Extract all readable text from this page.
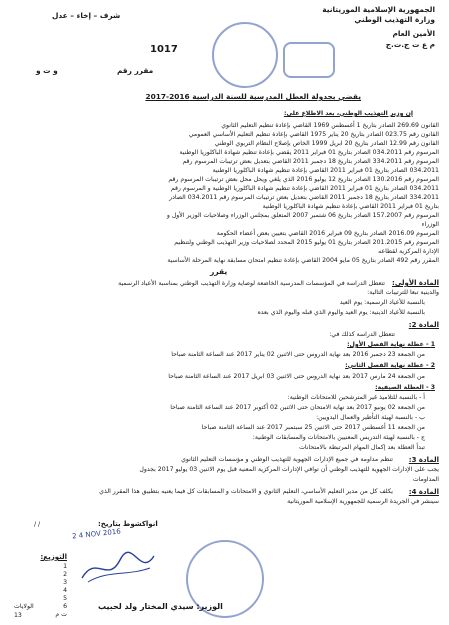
الجمهورية الإسلامية الموريتانية
وزارة التهذيب الوطني
الأمين العام
م ع ت ج.ت.ج
شرف – إخاء – عدل
1017
مقرر رقم
و ت و
يقضي بجدولة العطل المدرسية للسنة الدراسية 2016-2017
إن وزير التهذيب الوطني، بعد الاطلاع على:
القانون 269.69 الصادر بتاريخ 1 أغسطس 1969 القاضي بإعادة تنظيم التعليم الثانوي
القانون رقم 023.75 الصادر بتاريخ 20 يناير 1975 القاضي بإعادة تنظيم التعليم الأساسي العمومي
القانون رقم 12.99 الصادر بتاريخ 20 ابريل 1999 الخاص بإصلاح النظام التربوي الوطني
المرسوم رقم 034.2011 الصادر بتاريخ 01 فبراير 2011 يقضي بإعادة تنظيم شهادة الباكلوريا الوطنية
المرسوم رقم 334.2011 الصادر بتاريخ 18 دجمبر 2011 القاضي بتعديل بعض ترتيبات المرسوم رقم
034.2011 الصادر بتاريخ 01 فبراير 2011 القاضي بإعادة تنظيم شهادة الباكلوريا الوطنية
المرسوم رقم 130.2016 الصادر بتاريخ 12 يوليو 2016 الذي يلغي ويحل محل بعض ترتيبات المرسوم رقم
034.2011 الصادر بتاريخ 01 فبراير 2011 القاضي بإعادة تنظيم شهادة الباكلوريا الوطنية و المرسوم رقم
334.2011 الصادر بتاريخ 18 دجمبر 2011 القاضي بتعديل بعض ترتيبات المرسوم رقم 034.2011 الصادر
بتاريخ 01 فبراير 2011 القاضي بإعادة تنظيم شهادة الباكلوريا الوطنية
المرسوم رقم 157.2007 الصادر بتاريخ 06 شتمبر 2007 المتعلق بمجلس الوزراء وصلاحيات الوزير الأول و
الوزراء
المرسوم 2016.09 الصادر بتاريخ 09 فبراير 2016 القاضي بتعيين بعض أعضاء الحكومة
المرسوم رقم 201.2015 الصادر بتاريخ 01 يوليو 2015 المحدد لصلاحيات وزير التهذيب الوطني ولتنظيم
الإدارة المركزية لقطاعه
المقرر رقم 492 الصادر بتاريخ 05 مايو 2004 القاضي بإعادة تنظيم امتحان مسابقة نهاية المرحلة الأساسية
يقرر
المادة الأولى:
تتعطل الدراسة في المؤسسات المدرسية الخاضعة لوصاية وزارة التهذيب الوطني بمناسبة الأعياد الرسمية
والدينية تبعا للترتيبات التالية:
بالنسبة للأعياد الرسمية: يوم العيد
بالنسبة للأعياد الدينية: يوم العيد واليوم الذي قبله واليوم الذي بعده
المادة 2:
تتعطل الدراسة كذلك في:
1 - عطلة نهاية الفصل الأول:
من الجمعة 23 دجمبر 2016 بعد نهاية الدروس حتى الاثنين 02 يناير 2017 عند الساعة الثامنة صباحا
2 - عطلة نهاية الفصل الثاني:
من الجمعة 24 مارس 2017 بعد نهاية الدروس حتى الاثنين 03 ابريل 2017 عند الساعة الثامنة صباحا
3 - العطلة الصيفية:
أ - بالنسبة للتلاميذ غير المترشحين للامتحانات الوطنية:
من الجمعة 02 يونيو 2017 بعد نهاية الامتحان حتى الاثنين 02 أكتوبر 2017 عند الساعة الثامنة صباحا
ب - بالنسبة لهيئة التأطير والعمال اليدويين:
من الجمعة 11 أغسطس 2017 حتى الاثنين 25 سبتمبر 2017 عند الساعة الثامنة صباحا
ج - بالنسبة لهيئة التدريس المعنيين بالامتحانات والمسابقات الوطنية:
تبدأ العطلة بعد إكمال المهام المرتبطة بالامتحانات
المادة 3:
تنظم مداومة في جميع الإدارات الجهوية للتهذيب الوطني و مؤسسات التعليم الثانوي
يجب على الإدارات الجهوية للتهذيب الوطني أن توافي الإدارات المركزية المعنية قبل يوم الاثنين 03 يوليو 2017 بجدول
المداومات
المادة 4:
يكلف كل من مدير التعليم الأساسي، التعليم الثانوي و الامتحانات و المسابقات كل فيما يعنيه بتطبيق هذا المقرر الذي
سينشر في الجريدة الرسمية للجمهورية الإسلامية الموريتانية
انواكشوط بتاريخ:
2 4 NOV 2016
/ /
الوزير: سيدي المختار ولد لحبيب
التوزيع:
1
2
3
4
5
6
ت م
الولايات
13
